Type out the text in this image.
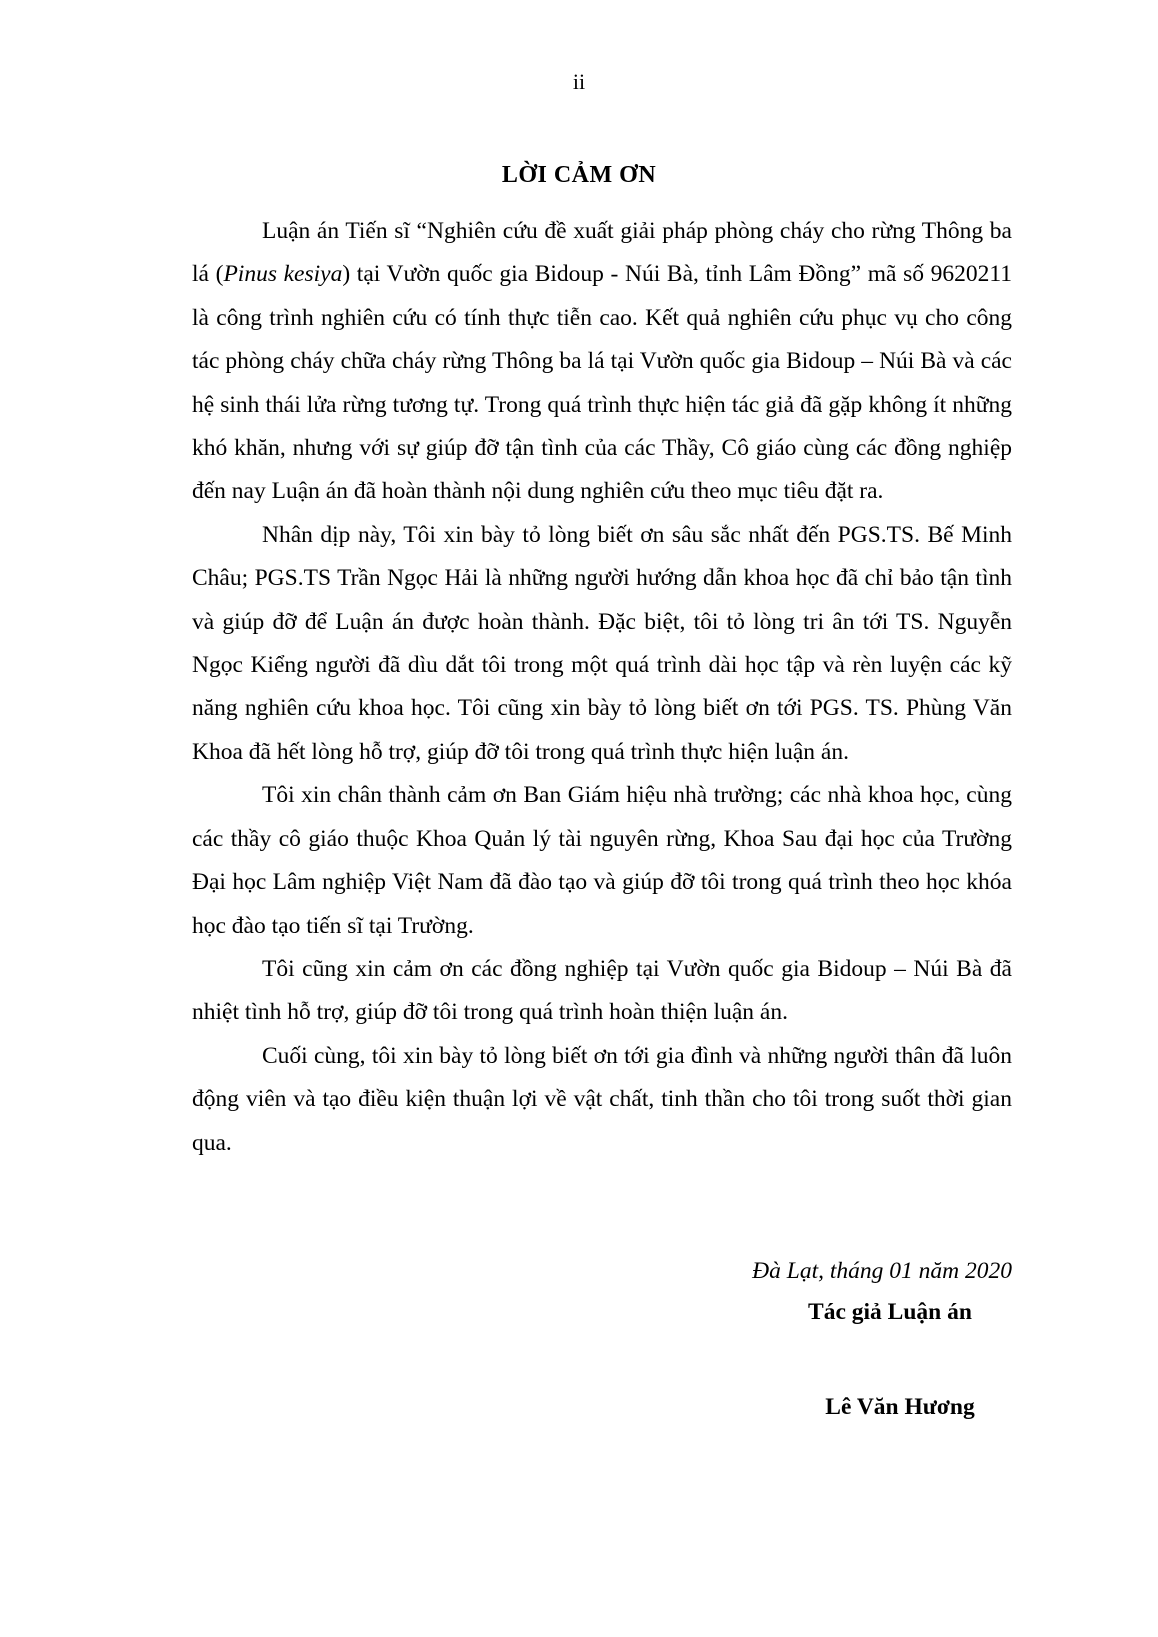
ii
LỜI CẢM ƠN

Luận án Tiến sĩ “Nghiên cứu đề xuất giải pháp phòng cháy cho rừng Thông ba lá (Pinus kesiya) tại Vườn quốc gia Bidoup - Núi Bà, tỉnh Lâm Đồng” mã số 9620211 là công trình nghiên cứu có tính thực tiễn cao. Kết quả nghiên cứu phục vụ cho công tác phòng cháy chữa cháy rừng Thông ba lá tại Vườn quốc gia Bidoup – Núi Bà và các hệ sinh thái lửa rừng tương tự. Trong quá trình thực hiện tác giả đã gặp không ít những khó khăn, nhưng với sự giúp đỡ tận tình của các Thầy, Cô giáo cùng các đồng nghiệp đến nay Luận án đã hoàn thành nội dung nghiên cứu theo mục tiêu đặt ra.

Nhân dịp này, Tôi xin bày tỏ lòng biết ơn sâu sắc nhất đến PGS.TS. Bế Minh Châu; PGS.TS Trần Ngọc Hải là những người hướng dẫn khoa học đã chỉ bảo tận tình và giúp đỡ để Luận án được hoàn thành. Đặc biệt, tôi tỏ lòng tri ân tới TS. Nguyễn Ngọc Kiểng người đã dìu dắt tôi trong một quá trình dài học tập và rèn luyện các kỹ năng nghiên cứu khoa học. Tôi cũng xin bày tỏ lòng biết ơn tới PGS. TS. Phùng Văn Khoa đã hết lòng hỗ trợ, giúp đỡ tôi trong quá trình thực hiện luận án.

Tôi xin chân thành cảm ơn Ban Giám hiệu nhà trường; các nhà khoa học, cùng các thầy cô giáo thuộc Khoa Quản lý tài nguyên rừng, Khoa Sau đại học của Trường Đại học Lâm nghiệp Việt Nam đã đào tạo và giúp đỡ tôi trong quá trình theo học khóa học đào tạo tiến sĩ tại Trường.

Tôi cũng xin cảm ơn các đồng nghiệp tại Vườn quốc gia Bidoup – Núi Bà đã nhiệt tình hỗ trợ, giúp đỡ tôi trong quá trình hoàn thiện luận án.

Cuối cùng, tôi xin bày tỏ lòng biết ơn tới gia đình và những người thân đã luôn động viên và tạo điều kiện thuận lợi về vật chất, tinh thần cho tôi trong suốt thời gian qua.

Đà Lạt, tháng 01 năm 2020
Tác giả Luận án
Lê Văn Hương
